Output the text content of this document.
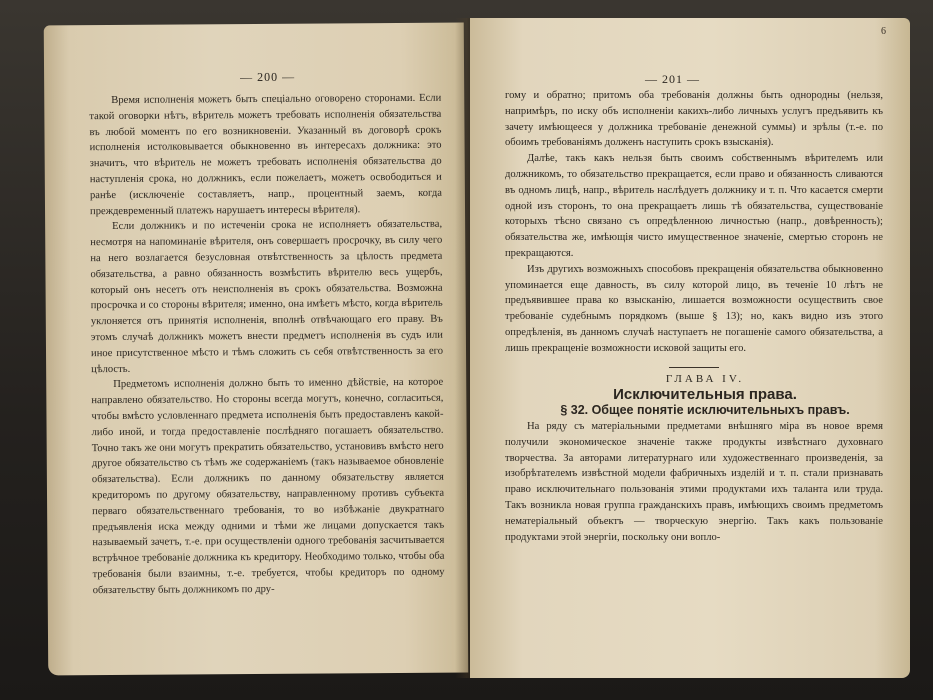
— 200 —

Время исполненія можетъ быть спеціально оговорено сторонами. Если такой оговорки нѣтъ, вѣритель можетъ требовать исполненія обязательства въ любой моментъ по его возникновеніи. Указанный въ договорѣ срокъ исполненія истолковывается обыкновенно въ интересахъ должника: это значитъ, что вѣритель не можетъ требовать исполненія обязательства до наступленія срока, но должникъ, если пожелаетъ, можетъ освободиться и ранѣе (исключеніе составляетъ, напр., процентный заемъ, когда преждевременный платежъ нарушаетъ интересы вѣрителя).

Если должникъ и по истеченіи срока не исполняетъ обязательства, несмотря на напоминаніе вѣрителя, онъ совершаетъ просрочку, въ силу чего на него возлагается безусловная отвѣтственность за цѣлость предмета обязательства, а равно обязанность возмѣстить вѣрителю весь ущербъ, который онъ несетъ отъ неисполненія въ срокъ обязательства. Возможна просрочка и со стороны вѣрителя; именно, она имѣетъ мѣсто, когда вѣритель уклоняется отъ принятія исполненія, вполнѣ отвѣчающаго его праву. Въ этомъ случаѣ должникъ можетъ внести предметъ исполненія въ судъ или иное присутственное мѣсто и тѣмъ сложить съ себя отвѣтственность за его цѣлость.

Предметомъ исполненія должно быть то именно дѣйствіе, на которое направлено обязательство. Но стороны всегда могутъ, конечно, согласиться, чтобы вмѣсто условленнаго предмета исполненія быть предоставленъ какой-либо иной, и тогда предоставленіе послѣдняго погашаетъ обязательство. Точно такъ же они могутъ прекратить обязательство, установивъ вмѣсто него другое обязательство съ тѣмъ же содержаніемъ (такъ называемое обновленіе обязательства). Если должникъ по данному обязательству является кредиторомъ по другому обязательству, направленному противъ субъекта перваго обязательственнаго требованія, то во избѣжаніе двукратнаго предъявленія иска между одними и тѣми же лицами допускается такъ называемый зачетъ, т.-е. при осуществленіи одного требованія засчитывается встрѣчное требованіе должника къ кредитору. Необходимо только, чтобы оба требованія были взаимны, т.-е. требуется, чтобы кредиторъ по одному обязательству быть должникомъ по дру-

6
— 201 —

гому и обратно; притомъ оба требованія должны быть однородны (нельзя, напримѣръ, по иску объ исполненіи какихъ-либо личныхъ услугъ предъявить къ зачету имѣющееся у должника требованіе денежной суммы) и зрѣлы (т.-е. по обоимъ требованіямъ долженъ наступить срокъ взысканія).

Далѣе, такъ какъ нельзя быть своимъ собственнымъ вѣрителемъ или должникомъ, то обязательство прекращается, если право и обязанность сливаются въ одномъ лицѣ, напр., вѣритель наслѣдуетъ должнику и т. п. Что касается смерти одной изъ сторонъ, то она прекращаетъ лишь тѣ обязательства, существованіе которыхъ тѣсно связано съ опредѣленною личностью (напр., довѣренность); обязательства же, имѣющія чисто имущественное значеніе, смертью сторонъ не прекращаются.

Изъ другихъ возможныхъ способовъ прекращенія обязательства обыкновенно упоминается еще давность, въ силу которой лицо, въ теченіе 10 лѣтъ не предъявившее права ко взысканію, лишается возможности осуществить свое требованіе судебнымъ порядкомъ (выше § 13); но, какъ видно изъ этого опредѣленія, въ данномъ случаѣ наступаетъ не погашеніе самого обязательства, а лишь прекращеніе возможности исковой защиты его.

ГЛАВА IV.

Исключительныя права.

§ 32. Общее понятіе исключительныхъ правъ.

На ряду съ матеріальными предметами внѣшняго міра въ новое время получили экономическое значеніе также продукты извѣстнаго духовнаго творчества. За авторами литературнаго или художественнаго произведенія, за изобрѣтателемъ извѣстной модели фабричныхъ изделій и т. п. стали признавать право исключительнаго пользованія этими продуктами ихъ таланта или труда. Такъ возникла новая группа гражданскихъ правъ, имѣющихъ своимъ предметомъ нематеріальный объектъ — творческую энергію. Такъ какъ пользованіе продуктами этой энергіи, поскольку они вопло-
